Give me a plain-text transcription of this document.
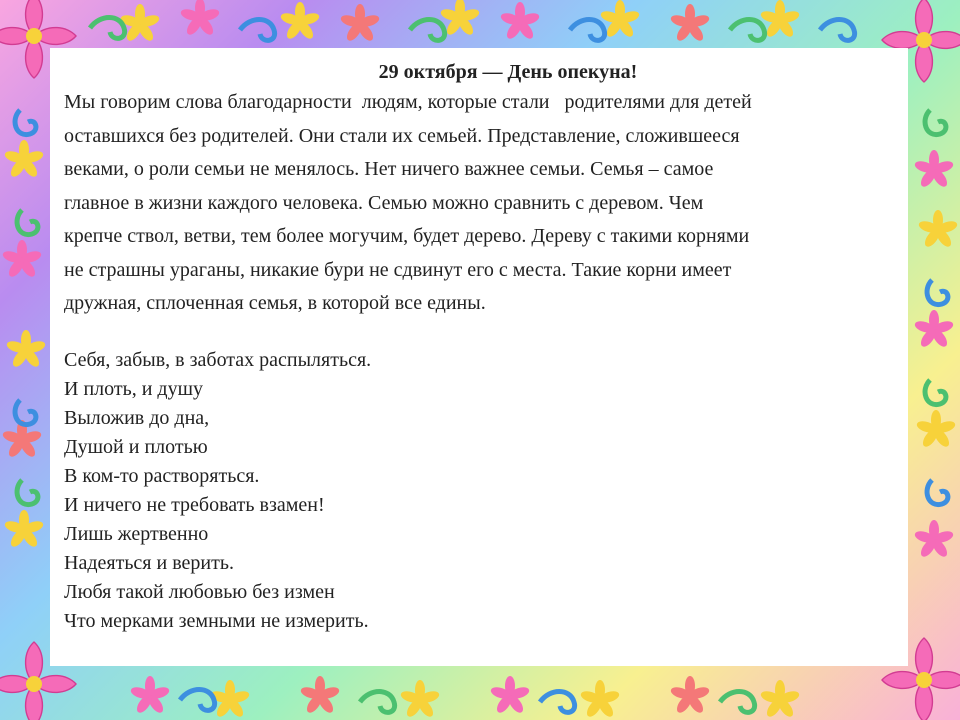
29 октября — День опекуна!

Мы говорим слова благодарности  людям, которые стали   родителями для детей
оставшихся без родителей. Они стали их семьей. Представление, сложившееся
веками, о роли семьи не менялось. Нет ничего важнее семьи. Семья – самое
главное в жизни каждого человека. Семью можно сравнить с деревом. Чем
крепче ствол, ветви, тем более могучим, будет дерево. Дереву с такими корнями
не страшны ураганы, никакие бури не сдвинут его с места. Такие корни имеет
дружная, сплоченная семья, в которой все едины.
Себя, забыв, в заботах распыляться.
И плоть, и душу
Выложив до дна,
Душой и плотью
В ком-то растворяться.
И ничего не требовать взамен!
Лишь жертвенно
Надеяться и верить.
Любя такой любовью без измен
Что мерками земными не измерить.
